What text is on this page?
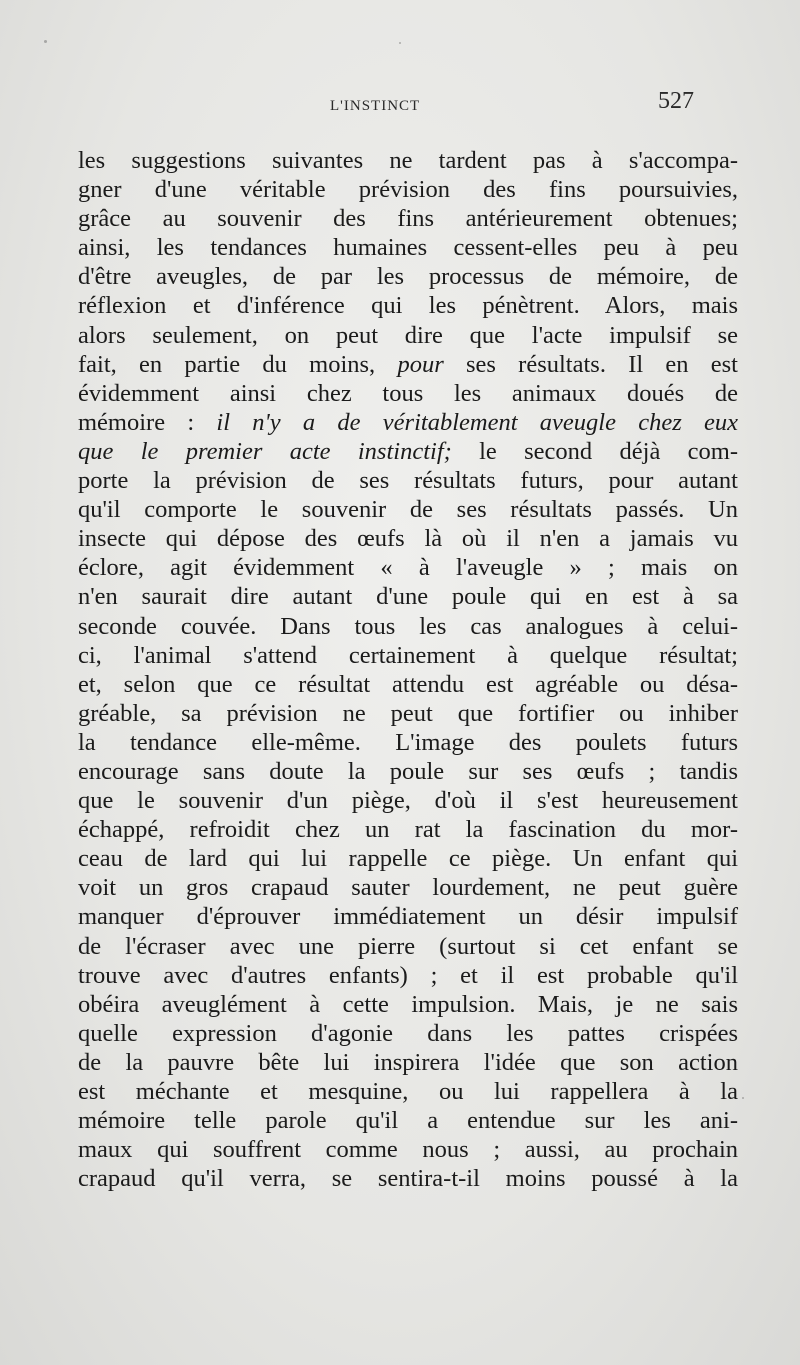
L'INSTINCT	527
les suggestions suivantes ne tardent pas à s'accompa-
gner d'une véritable prévision des fins poursuivies,
grâce au souvenir des fins antérieurement obtenues;
ainsi, les tendances humaines cessent-elles peu à peu
d'être aveugles, de par les processus de mémoire, de
réflexion et d'inférence qui les pénètrent. Alors, mais
alors seulement, on peut dire que l'acte impulsif se
fait, en partie du moins, pour ses résultats. Il en est
évidemment ainsi chez tous les animaux doués de
mémoire : il n'y a de véritablement aveugle chez eux
que le premier acte instinctif; le second déjà com-
porte la prévision de ses résultats futurs, pour autant
qu'il comporte le souvenir de ses résultats passés. Un
insecte qui dépose des œufs là où il n'en a jamais vu
éclore, agit évidemment « à l'aveugle » ; mais on
n'en saurait dire autant d'une poule qui en est à sa
seconde couvée. Dans tous les cas analogues à celui-
ci, l'animal s'attend certainement à quelque résultat;
et, selon que ce résultat attendu est agréable ou désa-
gréable, sa prévision ne peut que fortifier ou inhiber
la tendance elle-même. L'image des poulets futurs
encourage sans doute la poule sur ses œufs ; tandis
que le souvenir d'un piège, d'où il s'est heureusement
échappé, refroidit chez un rat la fascination du mor-
ceau de lard qui lui rappelle ce piège. Un enfant qui
voit un gros crapaud sauter lourdement, ne peut guère
manquer d'éprouver immédiatement un désir impulsif
de l'écraser avec une pierre (surtout si cet enfant se
trouve avec d'autres enfants) ; et il est probable qu'il
obéira aveuglément à cette impulsion. Mais, je ne sais
quelle expression d'agonie dans les pattes crispées
de la pauvre bête lui inspirera l'idée que son action
est méchante et mesquine, ou lui rappellera à la
mémoire telle parole qu'il a entendue sur les ani-
maux qui souffrent comme nous ; aussi, au prochain
crapaud qu'il verra, se sentira-t-il moins poussé à la
